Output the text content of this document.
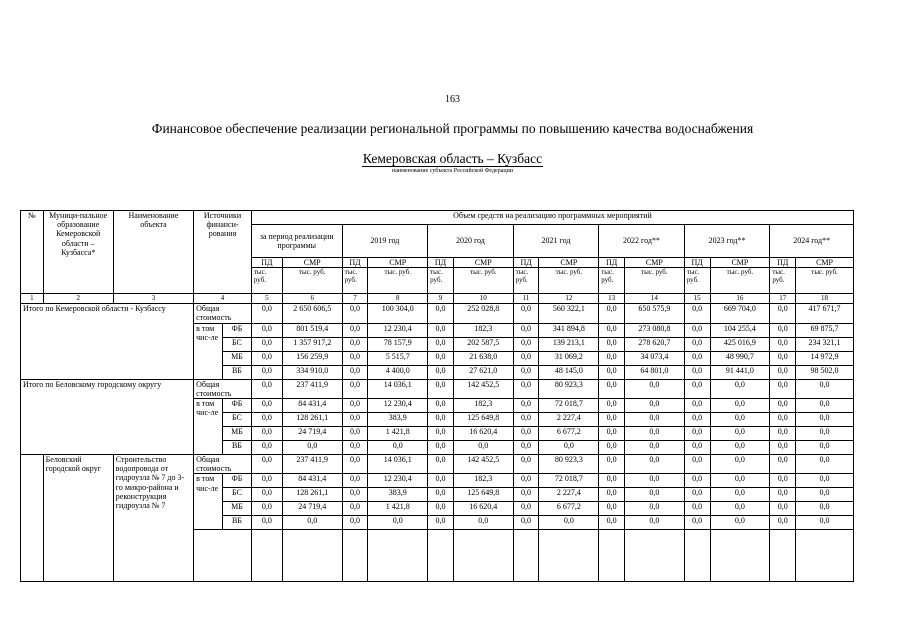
163
Финансовое обеспечение реализации региональной программы по повышению качества водоснабжения
Кемеровская область – Кузбасс
наименование субъекта Российской Федерации
№	Муници-пальное образование Кемеровской области – Кузбасса*	Наименование объекта	Источники финанси-рования		Объем средств на реализацию программных мероприятий													
					за период реализации программы		2019 год		2020 год		2021 год		2022 год**		2023 год**		2024 год**	
					ПД	СМР	ПД	СМР	ПД	СМР	ПД	СМР	ПД	СМР	ПД	СМР	ПД	СМР
					тыс. руб.	тыс. руб.	тыс. руб.	тыс. руб.	тыс. руб.	тыс. руб.	тыс. руб.	тыс. руб.	тыс. руб.	тыс. руб.	тыс. руб.	тыс. руб.	тыс. руб.	тыс. руб.
1	2	3	4		5	6	7	8	9	10	11	12	13	14	15	16	17	18
Итого по Кемеровской области - Кузбассу			Общая стоимость		0,0	2 650 606,5	0,0	100 304,0	0,0	252 028,8	0,0	560 322,1	0,0	650 575,9	0,0	669 704,0	0,0	417 671,7
			в том чис-ле	ФБ	0,0	801 519,4	0,0	12 230,4	0,0	182,3	0,0	341 894,8	0,0	273 080,8	0,0	104 255,4	0,0	69 875,7
				БС	0,0	1 357 917,2	0,0	78 157,9	0,0	202 587,5	0,0	139 213,1	0,0	278 620,7	0,0	425 016,9	0,0	234 321,1
				МБ	0,0	156 259,9	0,0	5 515,7	0,0	21 638,0	0,0	31 069,2	0,0	34 073,4	0,0	48 990,7	0,0	14 972,9
				ВБ	0,0	334 910,0	0,0	4 400,0	0,0	27 621,0	0,0	48 145,0	0,0	64 801,0	0,0	91 441,0	0,0	98 502,0
Итого по Беловскому городскому округу			Общая стоимость		0,0	237 411,9	0,0	14 036,1	0,0	142 452,5	0,0	80 923,3	0,0	0,0	0,0	0,0	0,0	0,0
			в том чис-ле	ФБ	0,0	84 431,4	0,0	12 230,4	0,0	182,3	0,0	72 018,7	0,0	0,0	0,0	0,0	0,0	0,0
				БС	0,0	128 261,1	0,0	383,9	0,0	125 649,8	0,0	2 227,4	0,0	0,0	0,0	0,0	0,0	0,0
				МБ	0,0	24 719,4	0,0	1 421,8	0,0	16 620,4	0,0	6 677,2	0,0	0,0	0,0	0,0	0,0	0,0
				ВБ	0,0	0,0	0,0	0,0	0,0	0,0	0,0	0,0	0,0	0,0	0,0	0,0	0,0	0,0
	Беловский городской округ	Строительство водопровода от гидроузла № 7 до 3-го микро-района и реконструкция гидроузла № 7	Общая стоимость		0,0	237 411,9	0,0	14 036,1	0,0	142 452,5	0,0	80 923,3	0,0	0,0	0,0	0,0	0,0	0,0
			в том чис-ле	ФБ	0,0	84 431,4	0,0	12 230,4	0,0	182,3	0,0	72 018,7	0,0	0,0	0,0	0,0	0,0	0,0
				БС	0,0	128 261,1	0,0	383,9	0,0	125 649,8	0,0	2 227,4	0,0	0,0	0,0	0,0	0,0	0,0
				МБ	0,0	24 719,4	0,0	1 421,8	0,0	16 620,4	0,0	6 677,2	0,0	0,0	0,0	0,0	0,0	0,0
				ВБ	0,0	0,0	0,0	0,0	0,0	0,0	0,0	0,0	0,0	0,0	0,0	0,0	0,0	0,0
